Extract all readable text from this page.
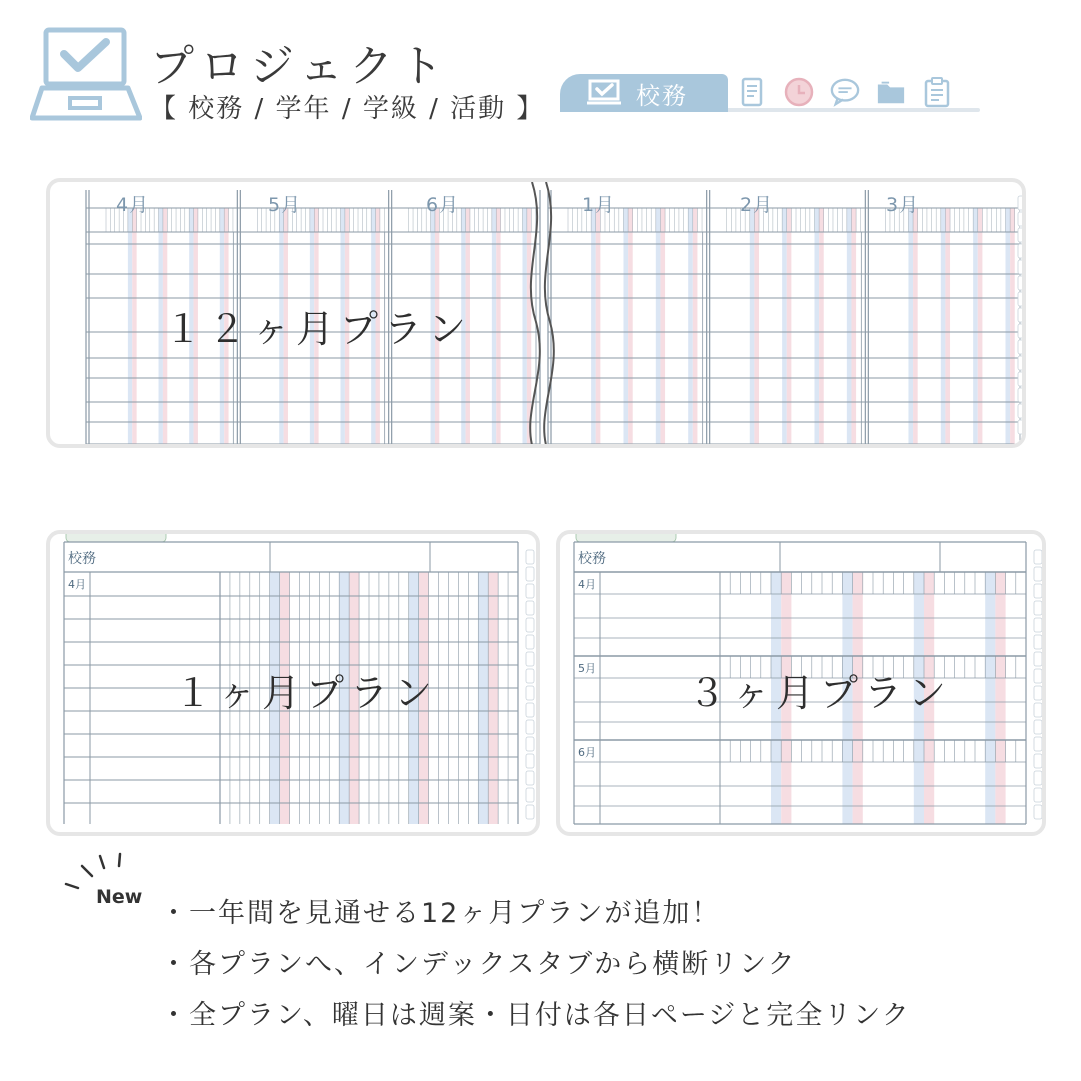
プロジェクト
【 校務 / 学年 / 学級 / 活動 】	校務
4月	5月	6月	1月	2月	3月
１２ヶ月プラン
校務
4月
１ヶ月プラン
校務
4月
5月
6月
３ヶ月プラン
New
・一年間を見通せる12ヶ月プランが追加！
・各プランへ、インデックスタブから横断リンク
・全プラン、曜日は週案・日付は各日ページと完全リンク
